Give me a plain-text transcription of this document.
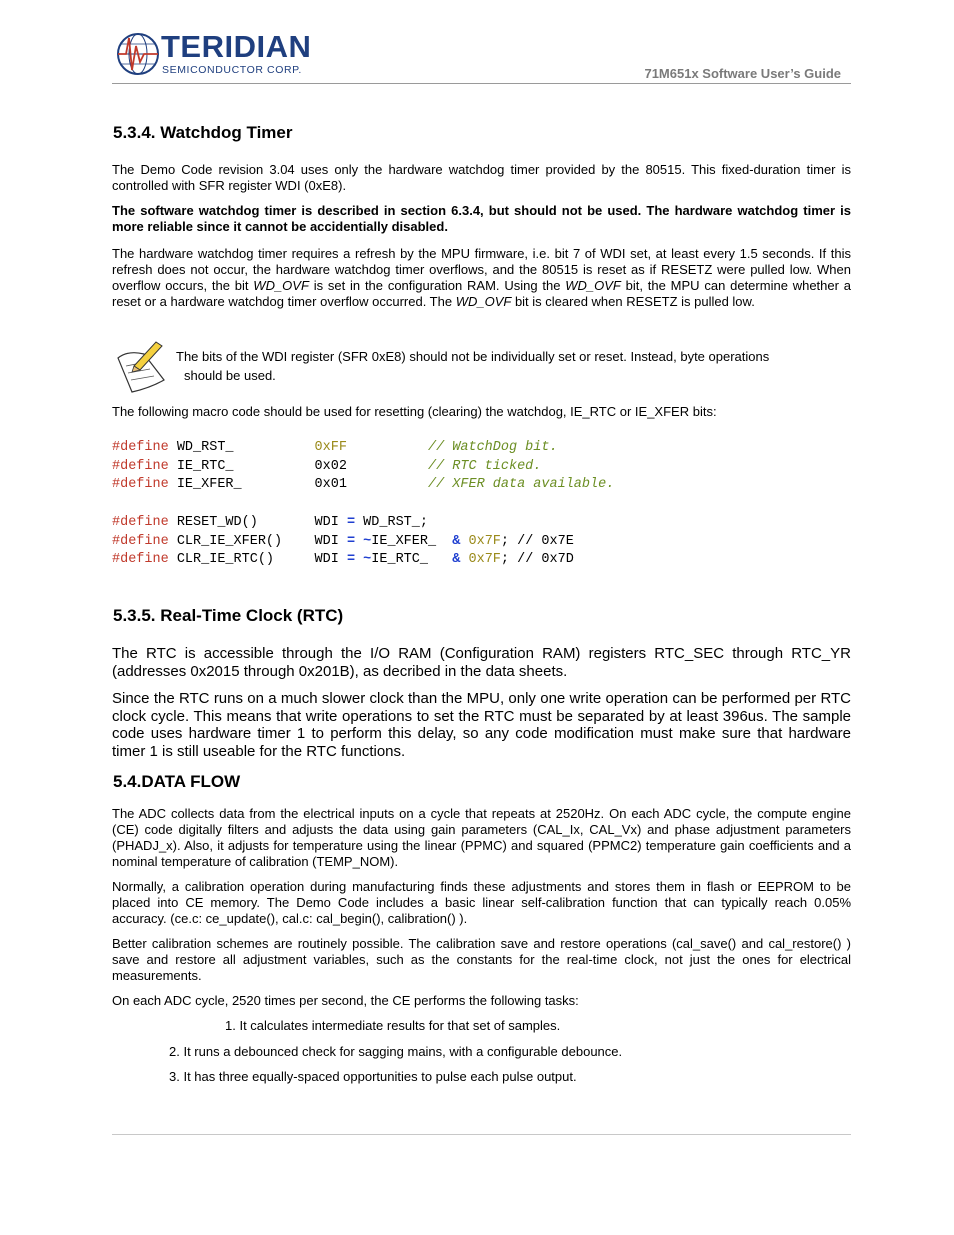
TERIDIAN
SEMICONDUCTOR CORP.	71M651x Software User’s Guide
5.3.4. Watchdog Timer

The Demo Code revision 3.04 uses only the hardware watchdog timer provided by the 80515. This fixed-duration timer is controlled with SFR register WDI (0xE8).

The software watchdog timer is described in section 6.3.4, but should not be used. The hardware watchdog timer is more reliable since it cannot be accidentially disabled.

The hardware watchdog timer requires a refresh by the MPU firmware, i.e. bit 7 of WDI set, at least every 1.5 seconds. If this refresh does not occur, the hardware watchdog timer overflows, and the 80515 is reset as if RESETZ were pulled low. When overflow occurs, the bit WD_OVF is set in the configuration RAM. Using the WD_OVF bit, the MPU can determine whether a reset or a hardware watchdog timer overflow occurred. The WD_OVF bit is cleared when RESETZ is pulled low.

The bits of the WDI register (SFR 0xE8) should not be individually set or reset. Instead, byte operations
should be used.

The following macro code should be used for resetting (clearing) the watchdog, IE_RTC or IE_XFER bits:

#define WD_RST_          0xFF	// WatchDog bit.
#define IE_RTC_          0x02	// RTC ticked.
#define IE_XFER_         0x01	// XFER data available.

#define RESET_WD()       WDI = WD_RST_;
#define CLR_IE_XFER()    WDI = ~IE_XFER_  & 0x7F; // 0x7E
#define CLR_IE_RTC()     WDI = ~IE_RTC_   & 0x7F; // 0x7D
5.3.5. Real-Time Clock (RTC)

The RTC is accessible through the I/O RAM (Configuration RAM) registers RTC_SEC through RTC_YR (addresses 0x2015 through 0x201B), as decribed in the data sheets.

Since the RTC runs on a much slower clock than the MPU, only one write operation can be performed per RTC clock cycle. This means that write operations to set the RTC must be separated by at least 396us. The sample code uses hardware timer 1 to perform this delay, so any code modification must make sure that hardware timer 1 is still useable for the RTC functions.

5.4.DATA FLOW

The ADC collects data from the electrical inputs on a cycle that repeats at 2520Hz. On each ADC cycle, the compute engine (CE) code digitally filters and adjusts the data using gain parameters (CAL_Ix, CAL_Vx) and phase adjustment parameters (PHADJ_x). Also, it adjusts for temperature using the linear (PPMC) and squared (PPMC2) temperature gain coefficients and a nominal temperature of calibration (TEMP_NOM).

Normally, a calibration operation during manufacturing finds these adjustments and stores them in flash or EEPROM to be placed into CE memory. The Demo Code includes a basic linear self-calibration function that can typically reach 0.05% accuracy. (ce.c: ce_update(), cal.c: cal_begin(), calibration() ).

Better calibration schemes are routinely possible. The calibration save and restore operations (cal_save() and cal_restore() ) save and restore all adjustment variables, such as the constants for the real-time clock, not just the ones for electrical measurements.

On each ADC cycle, 2520 times per second, the CE performs the following tasks:

1. It calculates intermediate results for that set of samples.
2. It runs a debounced check for sagging mains, with a configurable debounce.
3. It has three equally-spaced opportunities to pulse each pulse output.
